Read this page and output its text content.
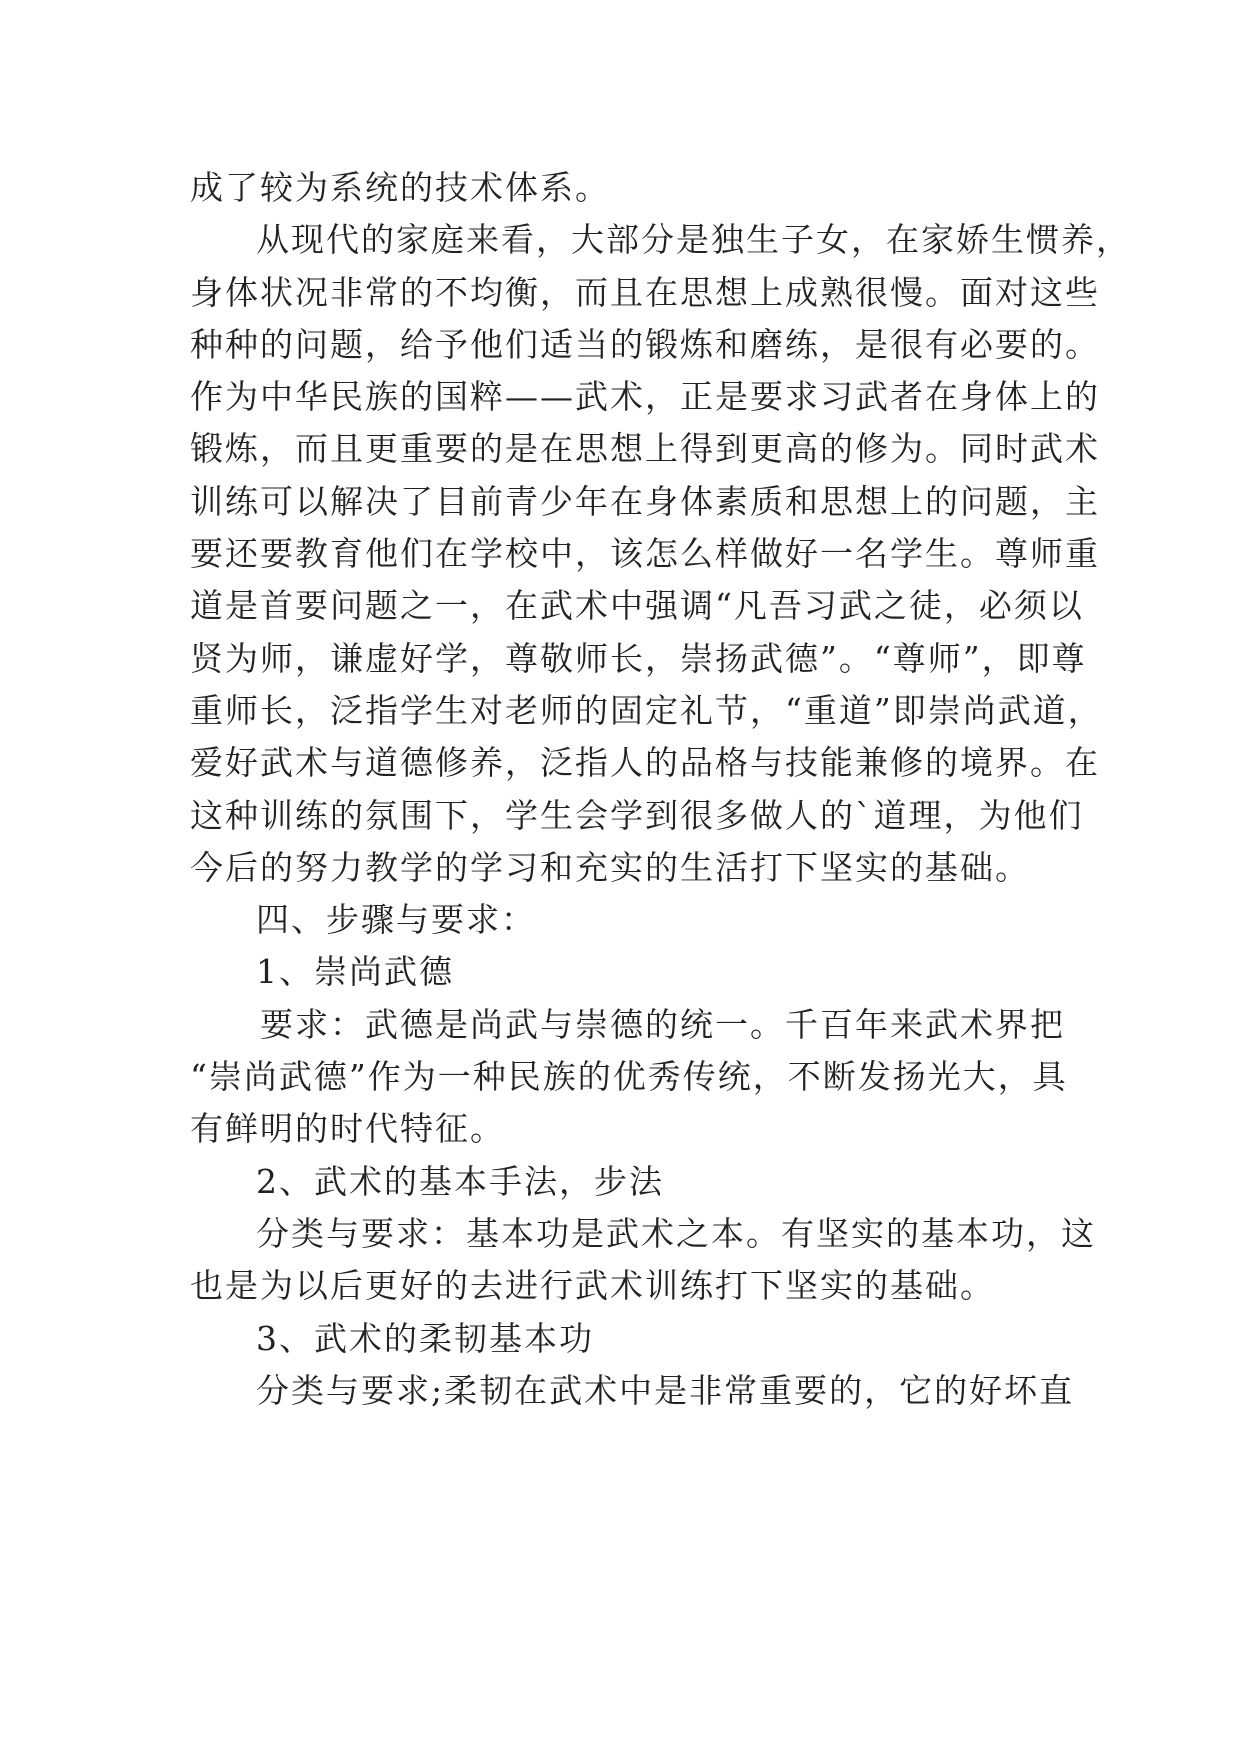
成了较为系统的技术体系。
从现代的家庭来看，大部分是独生子女，在家娇生惯养，
身体状况非常的不均衡，而且在思想上成熟很慢。面对这些
种种的问题，给予他们适当的锻炼和磨练，是很有必要的。
作为中华民族的国粹——武术，正是要求习武者在身体上的
锻炼，而且更重要的是在思想上得到更高的修为。同时武术
训练可以解决了目前青少年在身体素质和思想上的问题，主
要还要教育他们在学校中，该怎么样做好一名学生。尊师重
道是首要问题之一，在武术中强调“凡吾习武之徒，必须以
贤为师，谦虚好学，尊敬师长，崇扬武德”。“尊师”，即尊
重师长，泛指学生对老师的固定礼节，“重道”即崇尚武道，
爱好武术与道德修养，泛指人的品格与技能兼修的境界。在
这种训练的氛围下，学生会学到很多做人的`道理，为他们
今后的努力教学的学习和充实的生活打下坚实的基础。
四、步骤与要求：
1、崇尚武德
要求：武德是尚武与崇德的统一。千百年来武术界把
“崇尚武德”作为一种民族的优秀传统，不断发扬光大，具
有鲜明的时代特征。
2、武术的基本手法，步法
分类与要求：基本功是武术之本。有坚实的基本功，这
也是为以后更好的去进行武术训练打下坚实的基础。
3、武术的柔韧基本功
分类与要求;柔韧在武术中是非常重要的，它的好坏直
